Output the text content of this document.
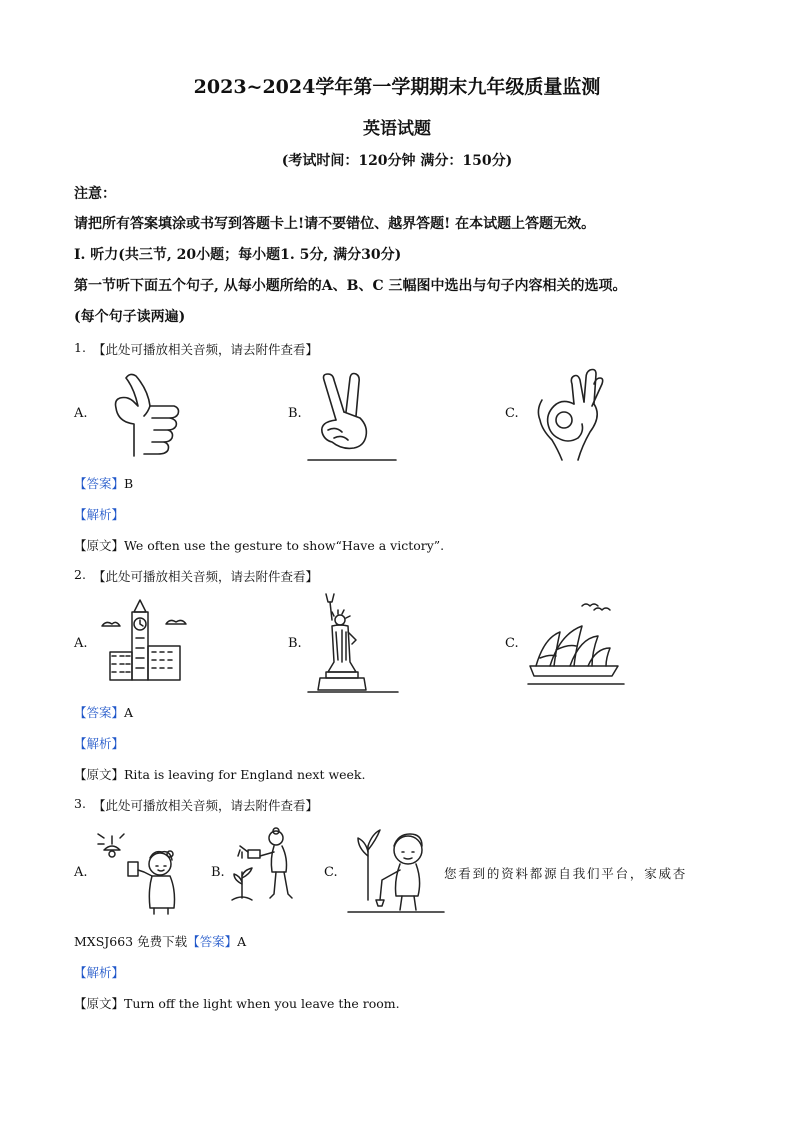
2023~2024学年第一学期期末九年级质量监测
英语试题
(考试时间：120分钟 满分：150分)
注意：
请把所有答案填涂或书写到答题卡上!请不要错位、越界答题! 在本试题上答题无效。
I. 听力(共三节, 20小题；每小题1. 5分, 满分30分)
第一节听下面五个句子, 从每小题所给的A、B、C 三幅图中选出与句子内容相关的选项。
(每个句子读两遍)
1. 【此处可播放相关音频，请去附件查看】
A.	B.	C.
【答案】B
【解析】
【原文】We often use the gesture to show“Have a victory”.
2. 【此处可播放相关音频，请去附件查看】
A.	B.	C.
【答案】A
【解析】
【原文】Rita is leaving for England next week.
3. 【此处可播放相关音频，请去附件查看】
A.	B.	C.	您看到的资料都源自我们平台，家威杏
MXSJ663 免费下载【答案】A
【解析】
【原文】Turn off the light when you leave the room.
